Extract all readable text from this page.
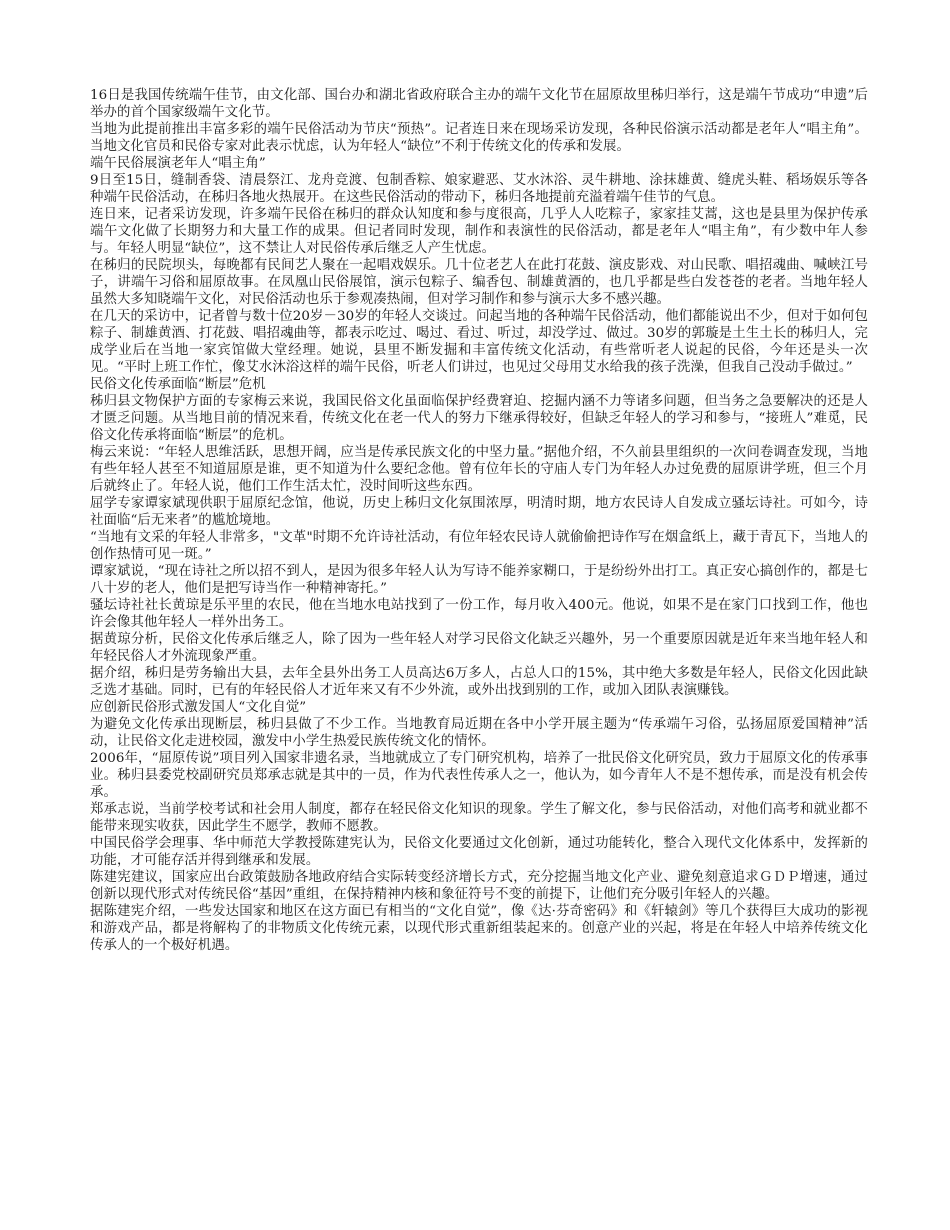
16日是我国传统端午佳节，由文化部、国台办和湖北省政府联合主办的端午文化节在屈原故里秭归举行，这是端午节成功“申遗”后举办的首个国家级端午文化节。

当地为此提前推出丰富多彩的端午民俗活动为节庆“预热”。记者连日来在现场采访发现，各种民俗演示活动都是老年人“唱主角”。当地文化官员和民俗专家对此表示忧虑，认为年轻人“缺位”不利于传统文化的传承和发展。

端午民俗展演老年人“唱主角”

9日至15日，缝制香袋、清晨祭江、龙舟竞渡、包制香粽、娘家避恶、艾水沐浴、灵牛耕地、涂抹雄黄、缝虎头鞋、稻场娱乐等各种端午民俗活动，在秭归各地火热展开。在这些民俗活动的带动下，秭归各地提前充溢着端午佳节的气息。

连日来，记者采访发现，许多端午民俗在秭归的群众认知度和参与度很高，几乎人人吃粽子，家家挂艾蒿，这也是县里为保护传承端午文化做了长期努力和大量工作的成果。但记者同时发现，制作和表演性的民俗活动，都是老年人“唱主角”，有少数中年人参与。年轻人明显“缺位”，这不禁让人对民俗传承后继乏人产生忧虑。

在秭归的民院坝头，每晚都有民间艺人聚在一起唱戏娱乐。几十位老艺人在此打花鼓、演皮影戏、对山民歌、唱招魂曲、喊峡江号子，讲端午习俗和屈原故事。在凤凰山民俗展馆，演示包粽子、编香包、制雄黄酒的，也几乎都是些白发苍苍的老者。当地年轻人虽然大多知晓端午文化，对民俗活动也乐于参观凑热闹，但对学习制作和参与演示大多不感兴趣。

在几天的采访中，记者曾与数十位20岁－30岁的年轻人交谈过。问起当地的各种端午民俗活动，他们都能说出不少，但对于如何包粽子、制雄黄酒、打花鼓、唱招魂曲等，都表示吃过、喝过、看过、听过，却没学过、做过。30岁的郭璇是土生土长的秭归人，完成学业后在当地一家宾馆做大堂经理。她说，县里不断发掘和丰富传统文化活动，有些常听老人说起的民俗，今年还是头一次见。“平时上班工作忙，像艾水沐浴这样的端午民俗，听老人们讲过，也见过父母用艾水给我的孩子洗澡，但我自己没动手做过。”

民俗文化传承面临“断层”危机

秭归县文物保护方面的专家梅云来说，我国民俗文化虽面临保护经费窘迫、挖掘内涵不力等诸多问题，但当务之急要解决的还是人才匮乏问题。从当地目前的情况来看，传统文化在老一代人的努力下继承得较好，但缺乏年轻人的学习和参与，“接班人”难觅，民俗文化传承将面临“断层”的危机。

梅云来说：“年轻人思维活跃，思想开阔，应当是传承民族文化的中坚力量。”据他介绍，不久前县里组织的一次问卷调查发现，当地有些年轻人甚至不知道屈原是谁，更不知道为什么要纪念他。曾有位年长的守庙人专门为年轻人办过免费的屈原讲学班，但三个月后就终止了。年轻人说，他们工作生活太忙，没时间听这些东西。

屈学专家谭家斌现供职于屈原纪念馆，他说，历史上秭归文化氛围浓厚，明清时期，地方农民诗人自发成立骚坛诗社。可如今，诗社面临“后无来者”的尴尬境地。

“当地有文采的年轻人非常多，"文革"时期不允许诗社活动，有位年轻农民诗人就偷偷把诗作写在烟盒纸上，藏于青瓦下，当地人的创作热情可见一斑。”

谭家斌说，“现在诗社之所以招不到人，是因为很多年轻人认为写诗不能养家糊口，于是纷纷外出打工。真正安心搞创作的，都是七八十岁的老人，他们是把写诗当作一种精神寄托。”

骚坛诗社社长黄琼是乐平里的农民，他在当地水电站找到了一份工作，每月收入400元。他说，如果不是在家门口找到工作，他也许会像其他年轻人一样外出务工。

据黄琼分析，民俗文化传承后继乏人，除了因为一些年轻人对学习民俗文化缺乏兴趣外，另一个重要原因就是近年来当地年轻人和年轻民俗人才外流现象严重。

据介绍，秭归是劳务输出大县，去年全县外出务工人员高达6万多人，占总人口的15%，其中绝大多数是年轻人，民俗文化因此缺乏选才基础。同时，已有的年轻民俗人才近年来又有不少外流，或外出找到别的工作，或加入团队表演赚钱。

应创新民俗形式激发国人“文化自觉”

为避免文化传承出现断层，秭归县做了不少工作。当地教育局近期在各中小学开展主题为“传承端午习俗，弘扬屈原爱国精神”活动，让民俗文化走进校园，激发中小学生热爱民族传统文化的情怀。

2006年，“屈原传说”项目列入国家非遗名录，当地就成立了专门研究机构，培养了一批民俗文化研究员，致力于屈原文化的传承事业。秭归县委党校副研究员郑承志就是其中的一员，作为代表性传承人之一，他认为，如今青年人不是不想传承，而是没有机会传承。

郑承志说，当前学校考试和社会用人制度，都存在轻民俗文化知识的现象。学生了解文化，参与民俗活动，对他们高考和就业都不能带来现实收获，因此学生不愿学，教师不愿教。

中国民俗学会理事、华中师范大学教授陈建宪认为，民俗文化要通过文化创新，通过功能转化，整合入现代文化体系中，发挥新的功能，才可能存活并得到继承和发展。

陈建宪建议，国家应出台政策鼓励各地政府结合实际转变经济增长方式，充分挖掘当地文化产业、避免刻意追求ＧＤＰ增速，通过创新以现代形式对传统民俗“基因”重组，在保持精神内核和象征符号不变的前提下，让他们充分吸引年轻人的兴趣。

据陈建宪介绍，一些发达国家和地区在这方面已有相当的“文化自觉”，像《达·芬奇密码》和《轩辕剑》等几个获得巨大成功的影视和游戏产品，都是将解构了的非物质文化传统元素，以现代形式重新组装起来的。创意产业的兴起，将是在年轻人中培养传统文化传承人的一个极好机遇。
